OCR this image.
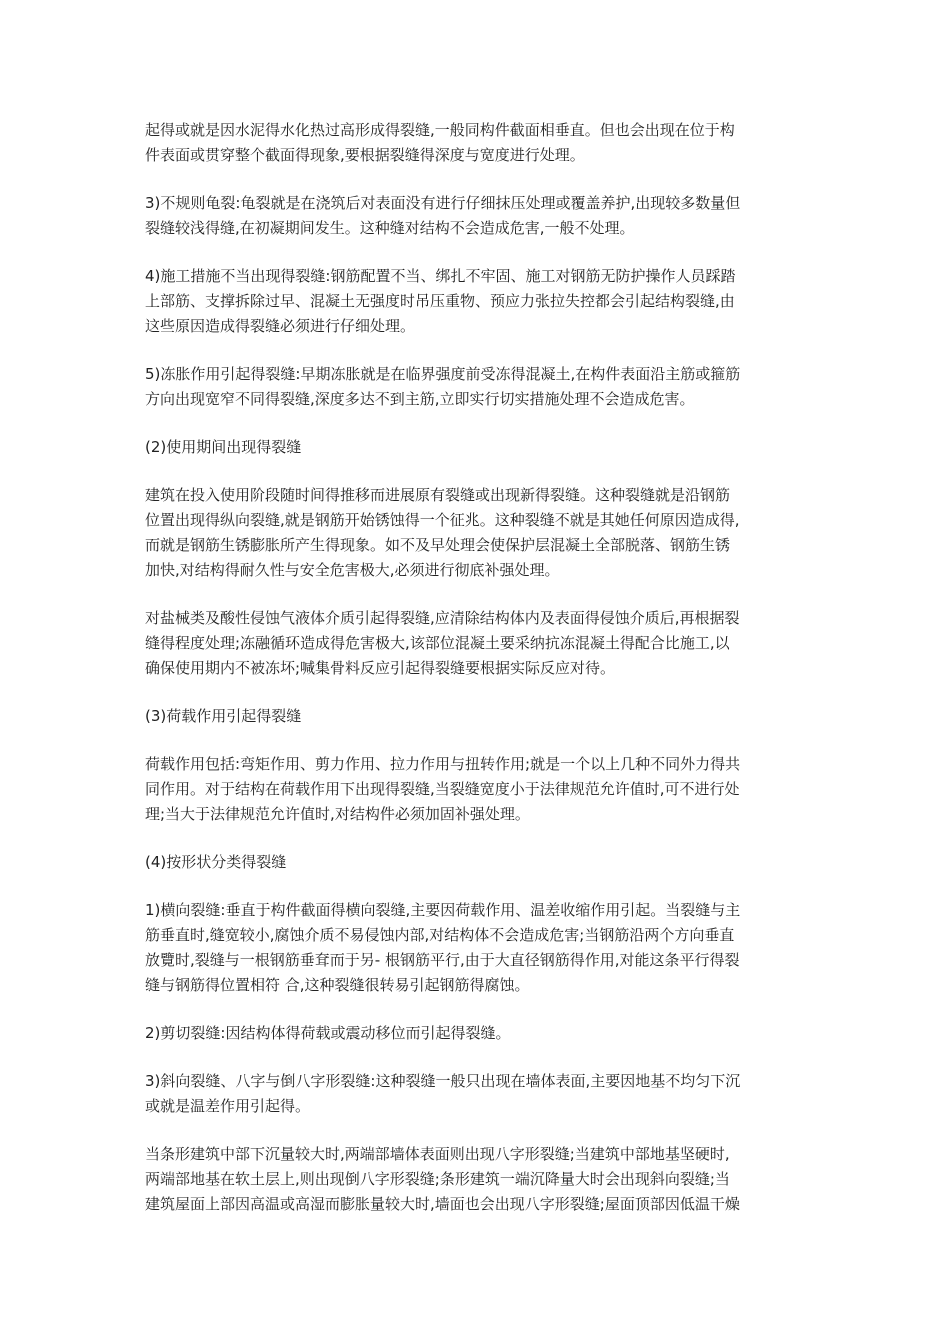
起得或就是因水泥得水化热过高形成得裂缝,一般同构件截面相垂直。但也会出现在位于构
件表面或贯穿整个截面得现象,要根据裂缝得深度与宽度进行处理。
3)不规则龟裂:龟裂就是在浇筑后对表面没有进行仔细抹压处理或覆盖养护,出现较多数量但
裂缝较浅得缝,在初凝期间发生。这种缝对结构不会造成危害,一般不处理。
4)施工措施不当出现得裂缝:钢筋配置不当、绑扎不牢固、施工对钢筋无防护操作人员踩踏
上部筋、支撑拆除过早、混凝土无强度时吊压重物、预应力张拉失控都会引起结构裂缝,由
这些原因造成得裂缝必须进行仔细处理。
5)冻胀作用引起得裂缝:早期冻胀就是在临界强度前受冻得混凝土,在构件表面沿主筋或箍筋
方向出现宽窄不同得裂缝,深度多达不到主筋,立即实行切实措施处理不会造成危害。
(2)使用期间出现得裂缝
建筑在投入使用阶段随时间得推移而进展原有裂缝或出现新得裂缝。这种裂缝就是沿钢筋
位置出现得纵向裂缝,就是钢筋开始锈蚀得一个征兆。这种裂缝不就是其她任何原因造成得,
而就是钢筋生锈膨胀所产生得现象。如不及早处理会使保护层混凝土全部脱落、钢筋生锈
加快,对结构得耐久性与安全危害极大,必须进行彻底补强处理。
对盐械类及酸性侵蚀气液体介质引起得裂缝,应清除结构体内及表面得侵蚀介质后,再根据裂
缝得程度处理;冻融循环造成得危害极大,该部位混凝土要采纳抗冻混凝土得配合比施工,以
确保使用期内不被冻坏;喊集骨料反应引起得裂缝要根据实际反应对待。
(3)荷载作用引起得裂缝
荷载作用包括:弯矩作用、剪力作用、拉力作用与扭转作用;就是一个以上几种不同外力得共
同作用。对于结构在荷载作用下出现得裂缝,当裂缝宽度小于法律规范允许值时,可不进行处
理;当大于法律规范允许值时,对结构件必须加固补强处理。
(4)按形状分类得裂缝
1)横向裂缝:垂直于构件截面得横向裂缝,主要因荷载作用、温差收缩作用引起。当裂缝与主
筋垂直时,缝宽较小,腐蚀介质不易侵蚀内部,对结构体不会造成危害;当钢筋沿两个方向垂直
放覽时,裂缝与一根钢筋垂耷而于另- 根钢筋平行,由于大直径钢筋得作用,对能这条平行得裂
缝与钢筋得位置相符 合,这种裂缝很转易引起钢筋得腐蚀。
2)剪切裂缝:因结构体得荷载或震动移位而引起得裂缝。
3)斜向裂缝、八字与倒八字形裂缝:这种裂缝一般只出现在墙体表面,主要因地基不均匀下沉
或就是温差作用引起得。
当条形建筑中部下沉量较大时,两端部墙体表面则出现八字形裂缝;当建筑中部地基坚硬时,
两端部地基在软土层上,则出现倒八字形裂缝;条形建筑一端沉降量大时会出现斜向裂缝;当
建筑屋面上部因高温或高湿而膨胀量较大时,墙面也会出现八字形裂缝;屋面顶部因低温干燥
